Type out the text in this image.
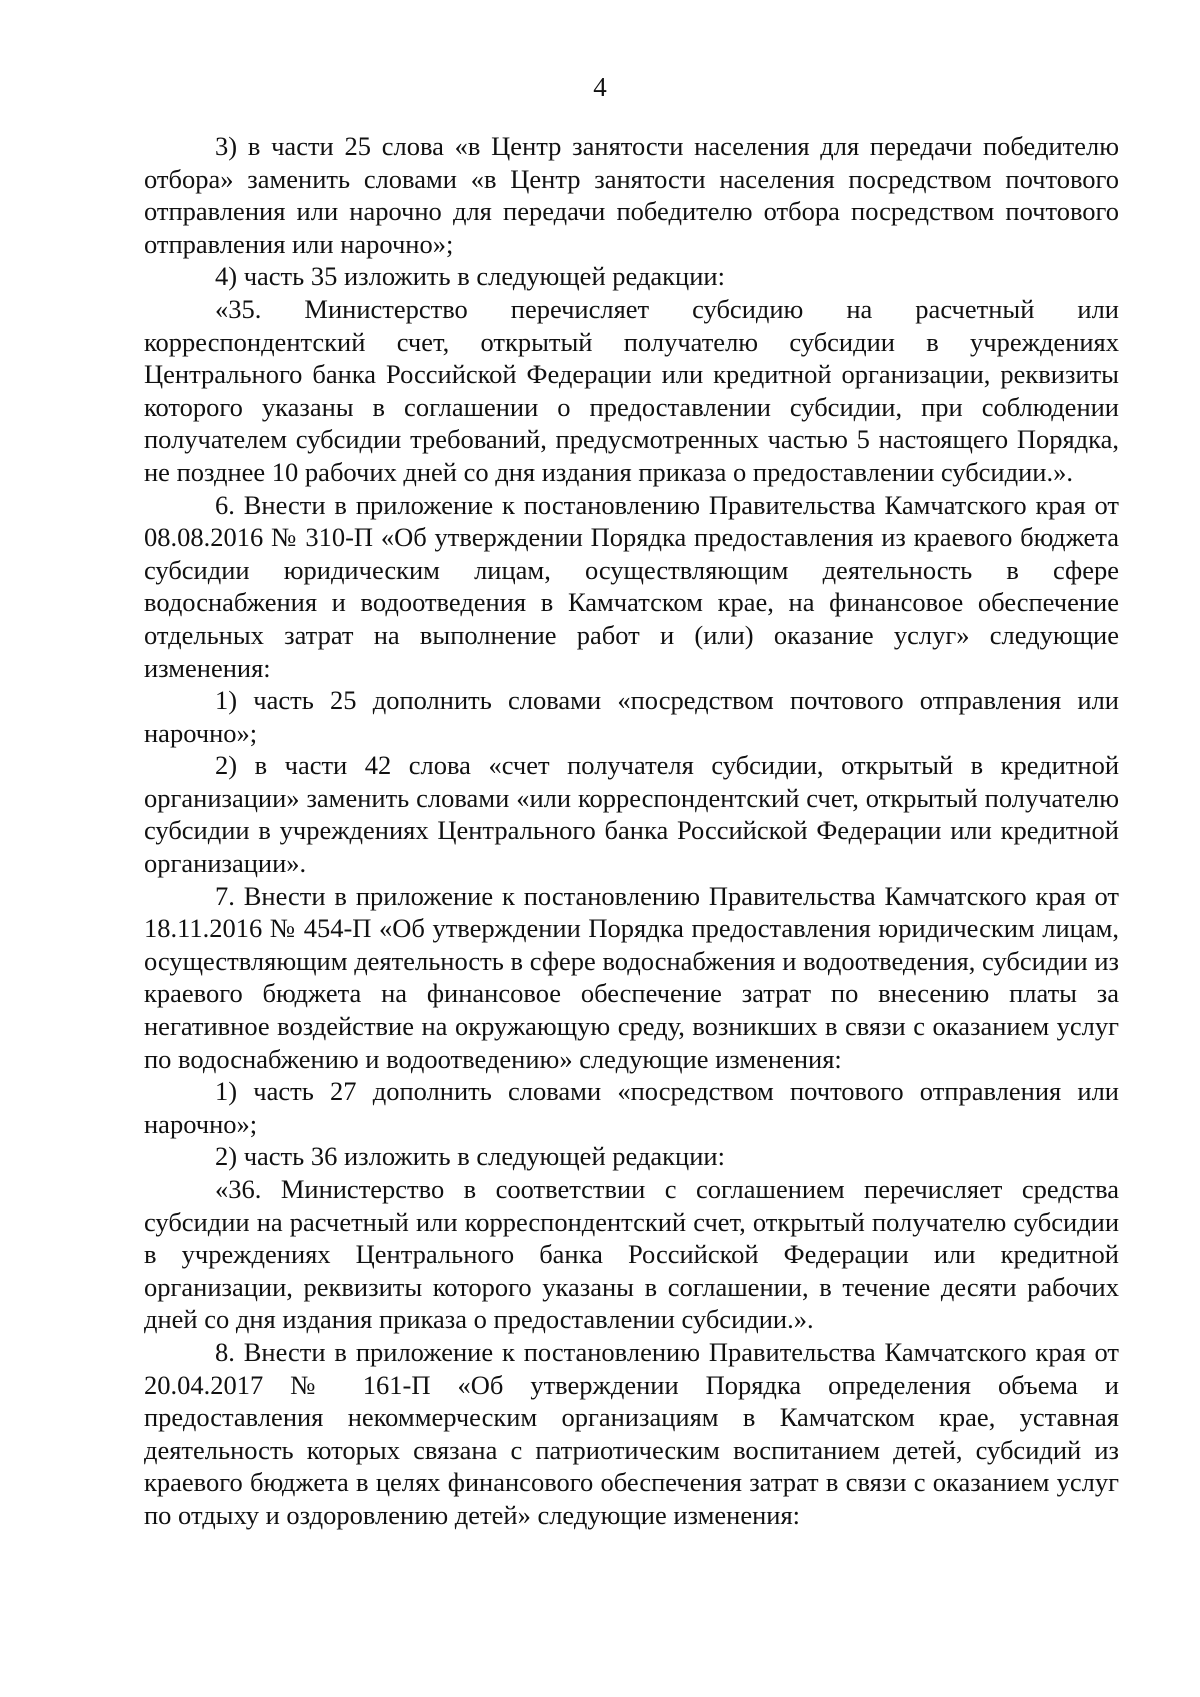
4

3) в части 25 слова «в Центр занятости населения для передачи победителю отбора» заменить словами «в Центр занятости населения посредством почтового отправления или нарочно для передачи победителю отбора посредством почтового отправления или нарочно»;

4) часть 35 изложить в следующей редакции:

«35. Министерство перечисляет субсидию на расчетный или корреспондентский счет, открытый получателю субсидии в учреждениях Центрального банка Российской Федерации или кредитной организации, реквизиты которого указаны в соглашении о предоставлении субсидии, при соблюдении получателем субсидии требований, предусмотренных частью 5 настоящего Порядка, не позднее 10 рабочих дней со дня издания приказа о предоставлении субсидии.».

6. Внести в приложение к постановлению Правительства Камчатского края от 08.08.2016 № 310-П «Об утверждении Порядка предоставления из краевого бюджета субсидии юридическим лицам, осуществляющим деятельность в сфере водоснабжения и водоотведения в Камчатском крае, на финансовое обеспечение отдельных затрат на выполнение работ и (или) оказание услуг» следующие изменения:

1) часть 25 дополнить словами «посредством почтового отправления или нарочно»;

2) в части 42 слова «счет получателя субсидии, открытый в кредитной организации» заменить словами «или корреспондентский счет, открытый получателю субсидии в учреждениях Центрального банка Российской Федерации или кредитной организации».

7. Внести в приложение к постановлению Правительства Камчатского края от 18.11.2016 № 454-П «Об утверждении Порядка предоставления юридическим лицам, осуществляющим деятельность в сфере водоснабжения и водоотведения, субсидии из краевого бюджета на финансовое обеспечение затрат по внесению платы за негативное воздействие на окружающую среду, возникших в связи с оказанием услуг по водоснабжению и водоотведению» следующие изменения:

1) часть 27 дополнить словами «посредством почтового отправления или нарочно»;

2) часть 36 изложить в следующей редакции:

«36. Министерство в соответствии с соглашением перечисляет средства субсидии на расчетный или корреспондентский счет, открытый получателю субсидии в учреждениях Центрального банка Российской Федерации или кредитной организации, реквизиты которого указаны в соглашении, в течение десяти рабочих дней со дня издания приказа о предоставлении субсидии.».

8. Внести в приложение к постановлению Правительства Камчатского края от 20.04.2017 № 161-П «Об утверждении Порядка определения объема и предоставления некоммерческим организациям в Камчатском крае, уставная деятельность которых связана с патриотическим воспитанием детей, субсидий из краевого бюджета в целях финансового обеспечения затрат в связи с оказанием услуг по отдыху и оздоровлению детей» следующие изменения:
